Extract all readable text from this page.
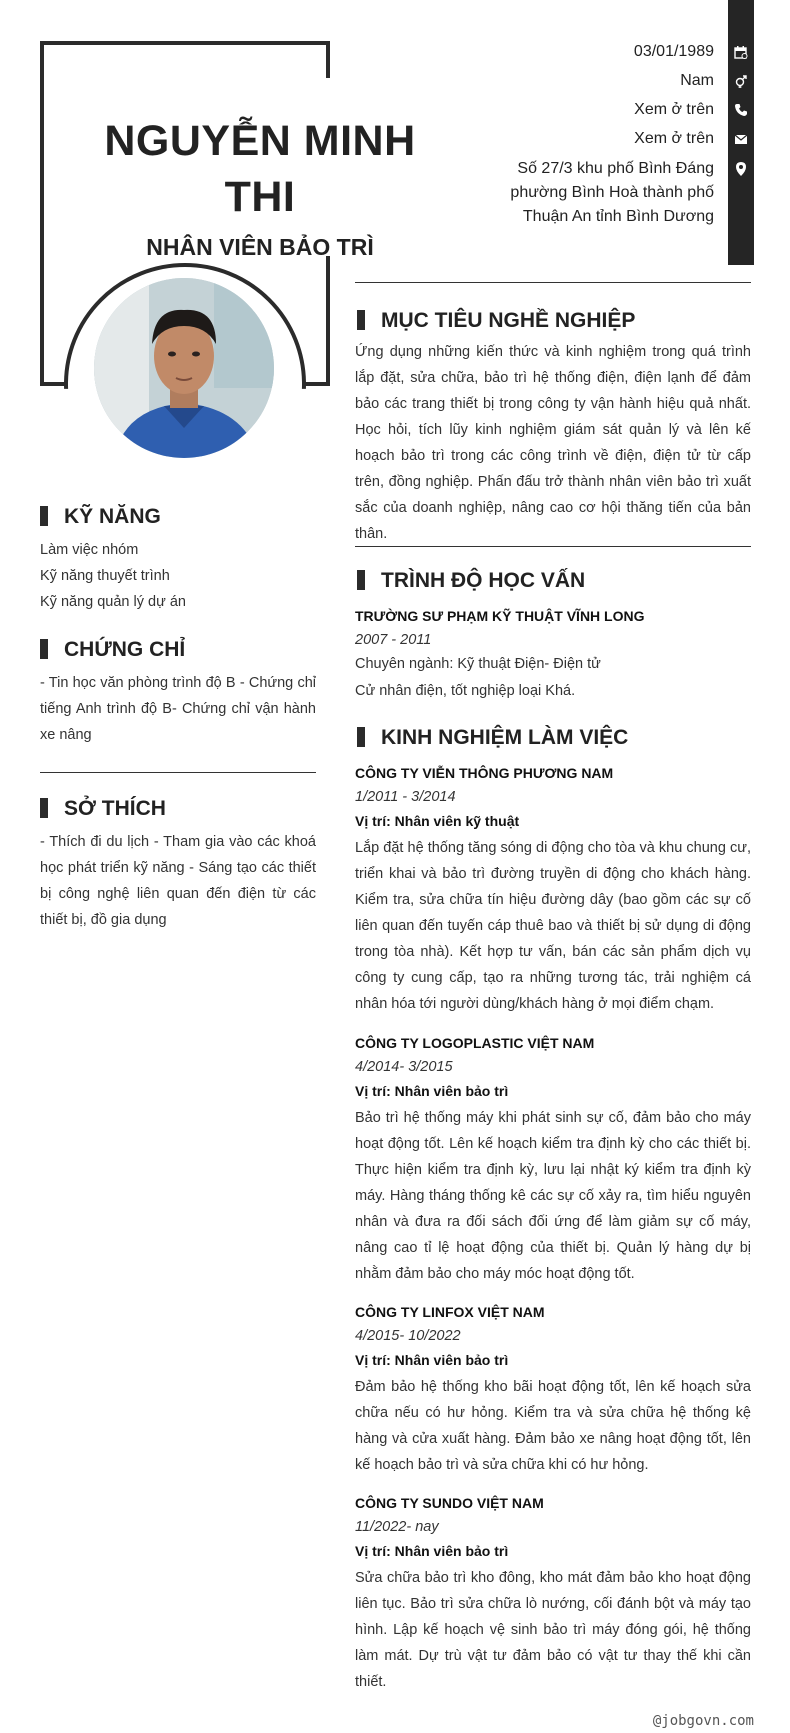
NGUYỄN MINH
THI
NHÂN VIÊN BẢO TRÌ
03/01/1989
Nam
Xem ở trên
Xem ở trên
Số 27/3 khu phố Bình Đáng
phường Bình Hoà thành phố
Thuận An tỉnh Bình Dương
MỤC TIÊU NGHỀ NGHIỆP
Ứng dụng những kiến thức và kinh nghiệm trong quá trình lắp đặt, sửa chữa, bảo trì hệ thống điện, điện lạnh để đảm bảo các trang thiết bị trong công ty vận hành hiệu quả nhất. Học hỏi, tích lũy kinh nghiệm giám sát quản lý và lên kế hoạch bảo trì trong các công trình về điện, điện tử từ cấp trên, đồng nghiệp. Phấn đấu trở thành nhân viên bảo trì xuất sắc của doanh nghiệp, nâng cao cơ hội thăng tiến của bản thân.
TRÌNH ĐỘ HỌC VẤN
TRƯỜNG SƯ PHẠM KỸ THUẬT VĨNH LONG
2007 - 2011
Chuyên ngành: Kỹ thuật Điện- Điện tử
Cử nhân điện, tốt nghiệp loại Khá.
KINH NGHIỆM LÀM VIỆC
CÔNG TY VIỄN THÔNG PHƯƠNG NAM
1/2011 - 3/2014
Vị trí: Nhân viên kỹ thuật
Lắp đặt hệ thống tăng sóng di động cho tòa và khu chung cư, triển khai và bảo trì đường truyền di động cho khách hàng. Kiểm tra, sửa chữa tín hiệu đường dây (bao gồm các sự cố liên quan đến tuyến cáp thuê bao và thiết bị sử dụng di động trong tòa nhà). Kết hợp tư vấn, bán các sản phẩm dịch vụ công ty cung cấp, tạo ra những tương tác, trải nghiệm cá nhân hóa tới người dùng/khách hàng ở mọi điểm chạm.
CÔNG TY LOGOPLASTIC VIỆT NAM
4/2014- 3/2015
Vị trí: Nhân viên bảo trì
Bảo trì hệ thống máy khi phát sinh sự cố, đảm bảo cho máy hoạt động tốt. Lên kế hoạch kiểm tra định kỳ cho các thiết bị. Thực hiện kiểm tra định kỳ, lưu lại nhật ký kiểm tra định kỳ máy. Hàng tháng thống kê các sự cố xảy ra, tìm hiểu nguyên nhân và đưa ra đối sách đối ứng để làm giảm sự cố máy, nâng cao tỉ lệ hoạt động của thiết bị. Quản lý hàng dự bị nhằm đảm bảo cho máy móc hoạt động tốt.
CÔNG TY LINFOX VIỆT NAM
4/2015- 10/2022
Vị trí: Nhân viên bảo trì
Đảm bảo hệ thống kho bãi hoạt động tốt, lên kế hoạch sửa chữa nếu có hư hỏng. Kiểm tra và sửa chữa hệ thống kệ hàng và cửa xuất hàng. Đảm bảo xe nâng hoạt động tốt, lên kế hoạch bảo trì và sửa chữa khi có hư hỏng.
CÔNG TY SUNDO VIỆT NAM
11/2022- nay
Vị trí: Nhân viên bảo trì
Sửa chữa bảo trì kho đông, kho mát đảm bảo kho hoạt động liên tục. Bảo trì sửa chữa lò nướng, cối đánh bột và máy tạo hình. Lập kế hoạch vệ sinh bảo trì máy đóng gói, hệ thống làm mát. Dự trù vật tư đảm bảo có vật tư thay thế khi cần thiết.
KỸ NĂNG
Làm việc nhóm
Kỹ năng thuyết trình
Kỹ năng quản lý dự án
CHỨNG CHỈ
- Tin học văn phòng trình độ B - Chứng chỉ tiếng Anh trình độ B- Chứng chỉ vận hành xe nâng
SỞ THÍCH
- Thích đi du lịch - Tham gia vào các khoá học phát triển kỹ năng - Sáng tạo các thiết bị công nghệ liên quan đến điện từ các thiết bị, đồ gia dụng
@jobgovn.com
